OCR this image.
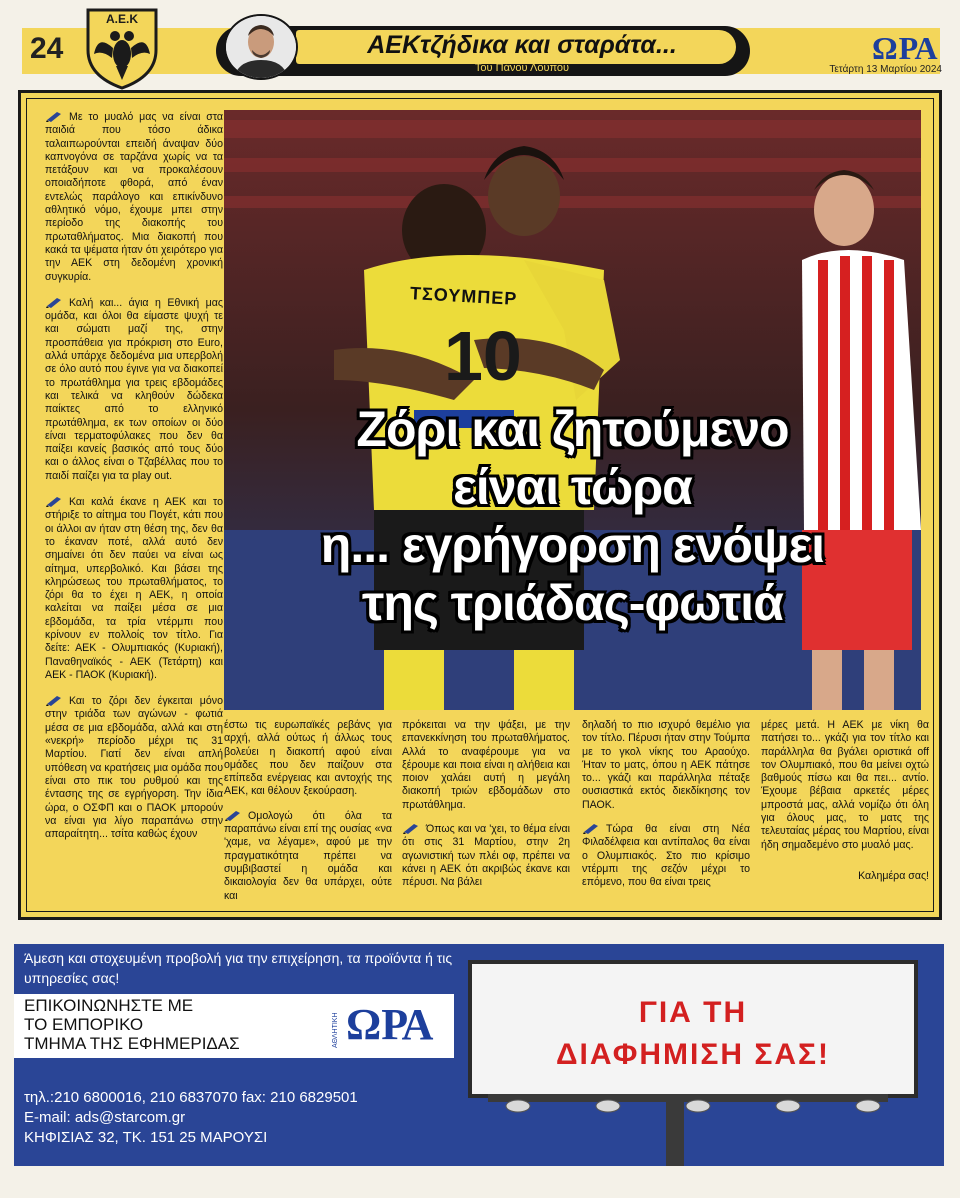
24
Α.Ε.Κ
ΑΕΚτζήδικα και σταράτα...
Του Πάνου Λούπου
ΩΡΑ
Τετάρτη 13 Μαρτίου 2024

Με το μυαλό μας να είναι στα παιδιά που τόσο άδικα ταλαιπωρούνται επειδή άναψαν δύο καπνογόνα σε ταρζάνα χωρίς να τα πετάξουν και να προκαλέσουν οποιαδήποτε φθορά, από έναν εντελώς παράλογο και επικίνδυνο αθλητικό νόμο, έχουμε μπει στην περίοδο της διακοπής του πρωταθλήματος. Μια διακοπή που κακά τα ψέματα ήταν ότι χειρότερο για την ΑΕΚ στη δεδομένη χρονική συγκυρία.

Καλή και... άγια η Εθνική μας ομάδα, και όλοι θα είμαστε ψυχή τε και σώματι μαζί της, στην προσπάθεια για πρόκριση στο Euro, αλλά υπάρχε δεδομένα μια υπερβολή σε όλο αυτό που έγινε για να διακοπεί το πρωτάθλημα για τρεις εβδομάδες και τελικά να κληθούν δώδεκα παίκτες από το ελληνικό πρωτάθλημα, εκ των οποίων οι δύο είναι τερματοφύλακες που δεν θα παίξει κανείς βασικός από τους δύο και ο άλλος είναι ο Τζαβέλλας που το παιδί παίζει για τα play out.

Και καλά έκανε η ΑΕΚ και το στήριξε το αίτημα του Πογέτ, κάτι που οι άλλοι αν ήταν στη θέση της, δεν θα το έκαναν ποτέ, αλλά αυτό δεν σημαίνει ότι δεν παύει να είναι ως αίτημα, υπερβολικό. Και βάσει της κληρώσεως του πρωταθλήματος, το ζόρι θα το έχει η ΑΕΚ, η οποία καλείται να παίξει μέσα σε μια εβδομάδα, τα τρία ντέρμπι που κρίνουν εν πολλοίς τον τίτλο. Για δείτε: ΑΕΚ - Ολυμπιακός (Κυριακή), Παναθηναϊκός - ΑΕΚ (Τετάρτη) και ΑΕΚ - ΠΑΟΚ (Κυριακή).

Και το ζόρι δεν έγκειται μόνο στην τριάδα των αγώνων - φωτιά μέσα σε μια εβδομάδα, αλλά και στη «νεκρή» περίοδο μέχρι τις 31 Μαρτίου. Γιατί δεν είναι απλή υπόθεση να κρατήσεις μια ομάδα που είναι στο πικ του ρυθμού και της έντασης της σε εγρήγορση. Την ίδια ώρα, ο ΟΣΦΠ και ο ΠΑΟΚ μπορούν να είναι για λίγο παραπάνω στην απαραίτητη... τσίτα καθώς έχουν

10
ΤΣΟΥΜΠΕΡ
Ζόρι και ζητούμενο
είναι τώρα
η... εγρήγορση ενόψει
της τριάδας-φωτιά

έστω τις ευρωπαϊκές ρεβάνς για αρχή, αλλά ούτως ή άλλως τους βολεύει η διακοπή αφού είναι ομάδες που δεν παίζουν στα επίπεδα ενέργειας και αντοχής της ΑΕΚ, και θέλουν ξεκούραση.

Ομολογώ ότι όλα τα παραπάνω είναι επί της ουσίας «να 'χαμε, να λέγαμε», αφού με την πραγματικότητα πρέπει να συμβιβαστεί η ομάδα και δικαιολογία δεν θα υπάρχει, ούτε και

πρόκειται να την ψάξει, με την επανεκκίνηση του πρωταθλήματος. Αλλά το αναφέρουμε για να ξέρουμε και ποια είναι η αλήθεια και ποιον χαλάει αυτή η μεγάλη διακοπή τριών εβδομάδων στο πρωτάθλημα.

Όπως και να 'χει, το θέμα είναι ότι στις 31 Μαρτίου, στην 2η αγωνιστική των πλέι οφ, πρέπει να κάνει η ΑΕΚ ότι ακριβώς έκανε και πέρυσι. Να βάλει

δηλαδή το πιο ισχυρό θεμέλιο για τον τίτλο. Πέρυσι ήταν στην Τούμπα με το γκολ νίκης του Αραούχο. Ήταν το ματς, όπου η ΑΕΚ πάτησε το... γκάζι και παράλληλα πέταξε ουσιαστικά εκτός διεκδίκησης τον ΠΑΟΚ.

Τώρα θα είναι στη Νέα Φιλαδέλφεια και αντίπαλος θα είναι ο Ολυμπιακός. Στο πιο κρίσιμο ντέρμπι της σεζόν μέχρι το επόμενο, που θα είναι τρεις

μέρες μετά. Η ΑΕΚ με νίκη θα πατήσει το... γκάζι για τον τίτλο και παράλληλα θα βγάλει οριστικά off τον Ολυμπιακό, που θα μείνει οχτώ βαθμούς πίσω και θα πει... αντίο. Έχουμε βέβαια αρκετές μέρες μπροστά μας, αλλά νομίζω ότι όλη για όλους μας, το ματς της τελευταίας μέρας του Μαρτίου, είναι ήδη σημαδεμένο στο μυαλό μας.

Καλημέρα σας!
Άμεση και στοχευμένη προβολή για την επιχείρηση, τα προϊόντα ή τις υπηρεσίες σας!
ΕΠΙΚΟΙΝΩΝΗΣΤΕ ΜΕ
ΤΟ ΕΜΠΟΡΙΚΟ
ΤΜΗΜΑ ΤΗΣ ΕΦΗΜΕΡΙΔΑΣ	ΑΘΛΗΤΙΚΗ ΩΡΑ
τηλ.:210 6800016, 210 6837070 fax: 210 6829501
E-mail: ads@starcom.gr
ΚΗΦΙΣΙΑΣ 32, ΤΚ. 151 25 ΜΑΡΟΥΣΙ
ΓΙΑ ΤΗ
ΔΙΑΦΗΜΙΣΗ ΣΑΣ!
